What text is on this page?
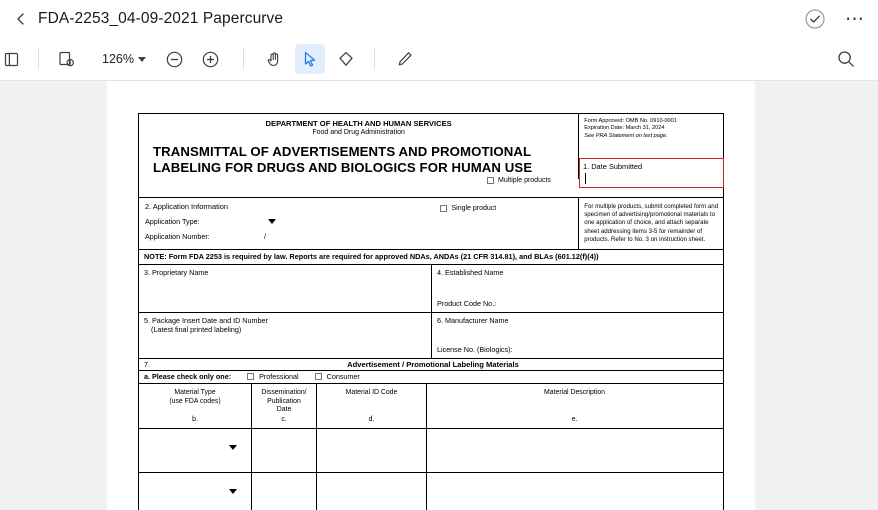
FDA-2253_04-09-2021 Papercurve	⋯
126%
DEPARTMENT OF HEALTH AND HUMAN SERVICES
Food and Drug Administration
TRANSMITTAL OF ADVERTISEMENTS AND PROMOTIONAL
LABELING FOR DRUGS AND BIOLOGICS FOR HUMAN USE
Form Approved: OMB No. 0910-0001
Expiration Date: March 31, 2024
See PRA Statement on last page.
1. Date Submitted
2. Application Information
Application Type:
Application Number:	/
Single product	For multiple products, submit completed form and specimen of advertising/promotional materials to one application of choice, and attach separate sheet addressing items 3-5 for remainder of products. Refer to No. 3 on instruction sheet.
Multiple products
NOTE: Form FDA 2253 is required by law. Reports are required for approved NDAs, ANDAs (21 CFR 314.81), and BLAs (601.12(f)(4))
3. Proprietary Name	4. Established Name
Product Code No.:
5. Package Insert Date and ID Number
(Latest final printed labeling)
6. Manufacturer Name
License No. (Biologics):
7.	Advertisement / Promotional Labeling Materials
a. Please check only one:	Professional	Consumer
Material Type
(use FDA codes)
b.
Dissemination/
Publication
Date
c.
Material ID Code
d.
Material Description
e.
